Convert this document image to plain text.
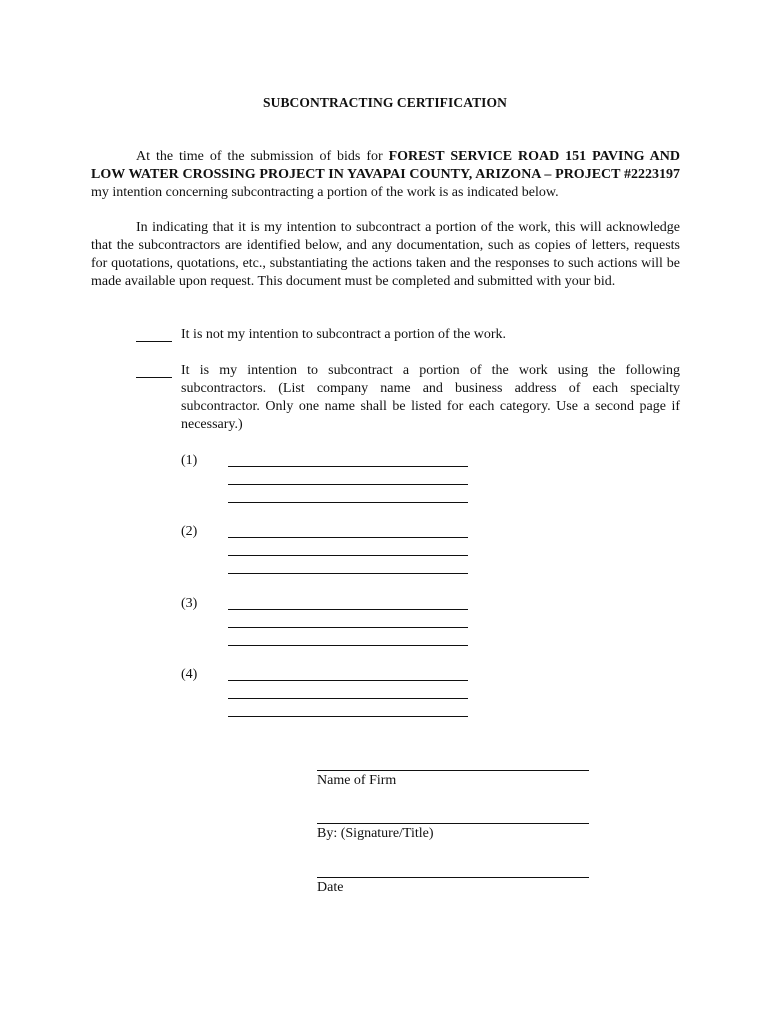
SUBCONTRACTING CERTIFICATION

At the time of the submission of bids for FOREST SERVICE ROAD 151 PAVING AND LOW WATER CROSSING PROJECT IN YAVAPAI COUNTY, ARIZONA – PROJECT #2223197 my intention concerning subcontracting a portion of the work is as indicated below.

In indicating that it is my intention to subcontract a portion of the work, this will acknowledge that the subcontractors are identified below, and any documentation, such as copies of letters, requests for quotations, quotations, etc., substantiating the actions taken and the responses to such actions will be made available upon request. This document must be completed and submitted with your bid.

It is not my intention to subcontract a portion of the work.

It is my intention to subcontract a portion of the work using the following subcontractors. (List company name and business address of each specialty subcontractor. Only one name shall be listed for each category. Use a second page if necessary.)

(1)
(2)
(3)
(4)
Name of Firm
By: (Signature/Title)
Date
